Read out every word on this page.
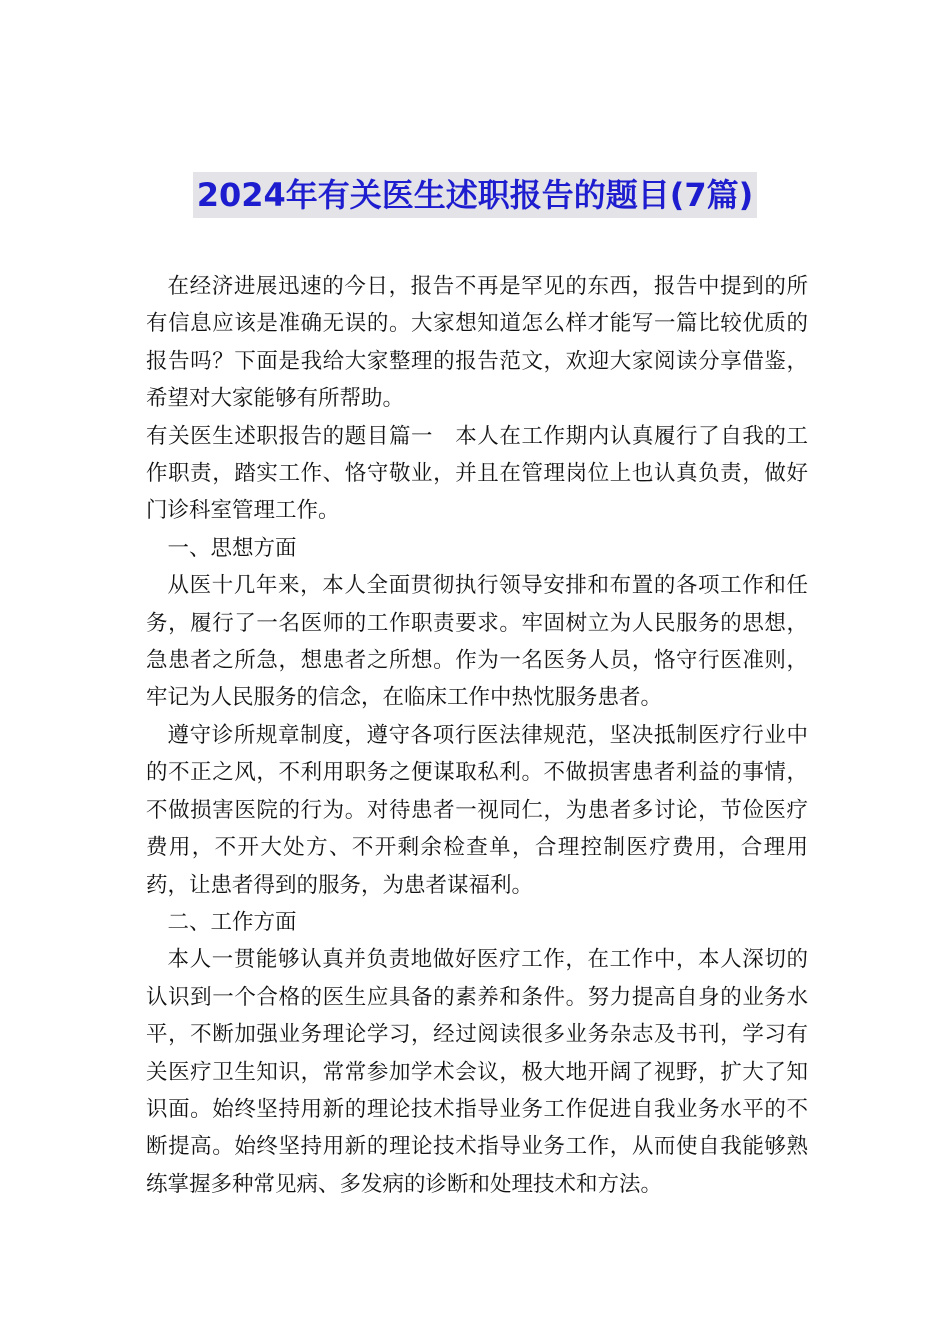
2024年有关医生述职报告的题目(7篇)

在经济进展迅速的今日，报告不再是罕见的东西，报告中提到的所有信息应该是准确无误的。大家想知道怎么样才能写一篇比较优质的报告吗？下面是我给大家整理的报告范文，欢迎大家阅读分享借鉴，希望对大家能够有所帮助。

有关医生述职报告的题目篇一　本人在工作期内认真履行了自我的工作职责，踏实工作、恪守敬业，并且在管理岗位上也认真负责，做好门诊科室管理工作。

一、思想方面

从医十几年来，本人全面贯彻执行领导安排和布置的各项工作和任务，履行了一名医师的工作职责要求。牢固树立为人民服务的思想，急患者之所急，想患者之所想。作为一名医务人员，恪守行医准则，牢记为人民服务的信念，在临床工作中热忱服务患者。

遵守诊所规章制度，遵守各项行医法律规范，坚决抵制医疗行业中的不正之风，不利用职务之便谋取私利。不做损害患者利益的事情，不做损害医院的行为。对待患者一视同仁，为患者多讨论，节俭医疗费用，不开大处方、不开剩余检查单，合理控制医疗费用，合理用药，让患者得到的服务，为患者谋福利。

二、工作方面

本人一贯能够认真并负责地做好医疗工作，在工作中，本人深切的认识到一个合格的医生应具备的素养和条件。努力提高自身的业务水平，不断加强业务理论学习，经过阅读很多业务杂志及书刊，学习有关医疗卫生知识，常常参加学术会议，极大地开阔了视野，扩大了知识面。始终坚持用新的理论技术指导业务工作促进自我业务水平的不断提高。始终坚持用新的理论技术指导业务工作，从而使自我能够熟练掌握多种常见病、多发病的诊断和处理技术和方法。
